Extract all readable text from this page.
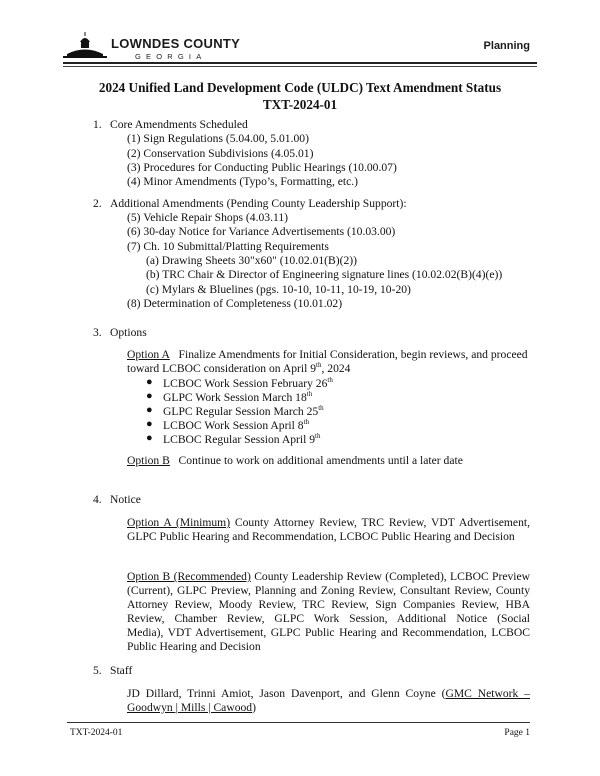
LOWNDES COUNTY
GEORGIA
Planning
2024 Unified Land Development Code (ULDC) Text Amendment Status
TXT-2024-01
1. Core Amendments Scheduled
(1) Sign Regulations (5.04.00, 5.01.00)
(2) Conservation Subdivisions (4.05.01)
(3) Procedures for Conducting Public Hearings (10.00.07)
(4) Minor Amendments (Typo’s, Formatting, etc.)
2. Additional Amendments (Pending County Leadership Support):
(5) Vehicle Repair Shops (4.03.11)
(6) 30-day Notice for Variance Advertisements (10.03.00)
(7) Ch. 10 Submittal/Platting Requirements
(a) Drawing Sheets 30"x60" (10.02.01(B)(2))
(b) TRC Chair & Director of Engineering signature lines (10.02.02(B)(4)(e))
(c) Mylars & Bluelines (pgs. 10-10, 10-11, 10-19, 10-20)
(8) Determination of Completeness (10.01.02)
3. Options
Option A Finalize Amendments for Initial Consideration, begin reviews, and proceed
toward LCBOC consideration on April 9th, 2024
● LCBOC Work Session February 26th
● GLPC Work Session March 18th
● GLPC Regular Session March 25th
● LCBOC Work Session April 8th
● LCBOC Regular Session April 9th
Option B Continue to work on additional amendments until a later date
4. Notice
Option A (Minimum) County Attorney Review, TRC Review, VDT Advertisement,
GLPC Public Hearing and Recommendation, LCBOC Public Hearing and Decision
Option B (Recommended) County Leadership Review (Completed), LCBOC Preview
(Current), GLPC Preview, Planning and Zoning Review, Consultant Review, County
Attorney Review, Moody Review, TRC Review, Sign Companies Review, HBA
Review, Chamber Review, GLPC Work Session, Additional Notice (Social
Media), VDT Advertisement, GLPC Public Hearing and Recommendation, LCBOC
Public Hearing and Decision
5. Staff
JD Dillard, Trinni Amiot, Jason Davenport, and Glenn Coyne (GMC Network –
Goodwyn | Mills | Cawood)
TXT-2024-01	Page 1
